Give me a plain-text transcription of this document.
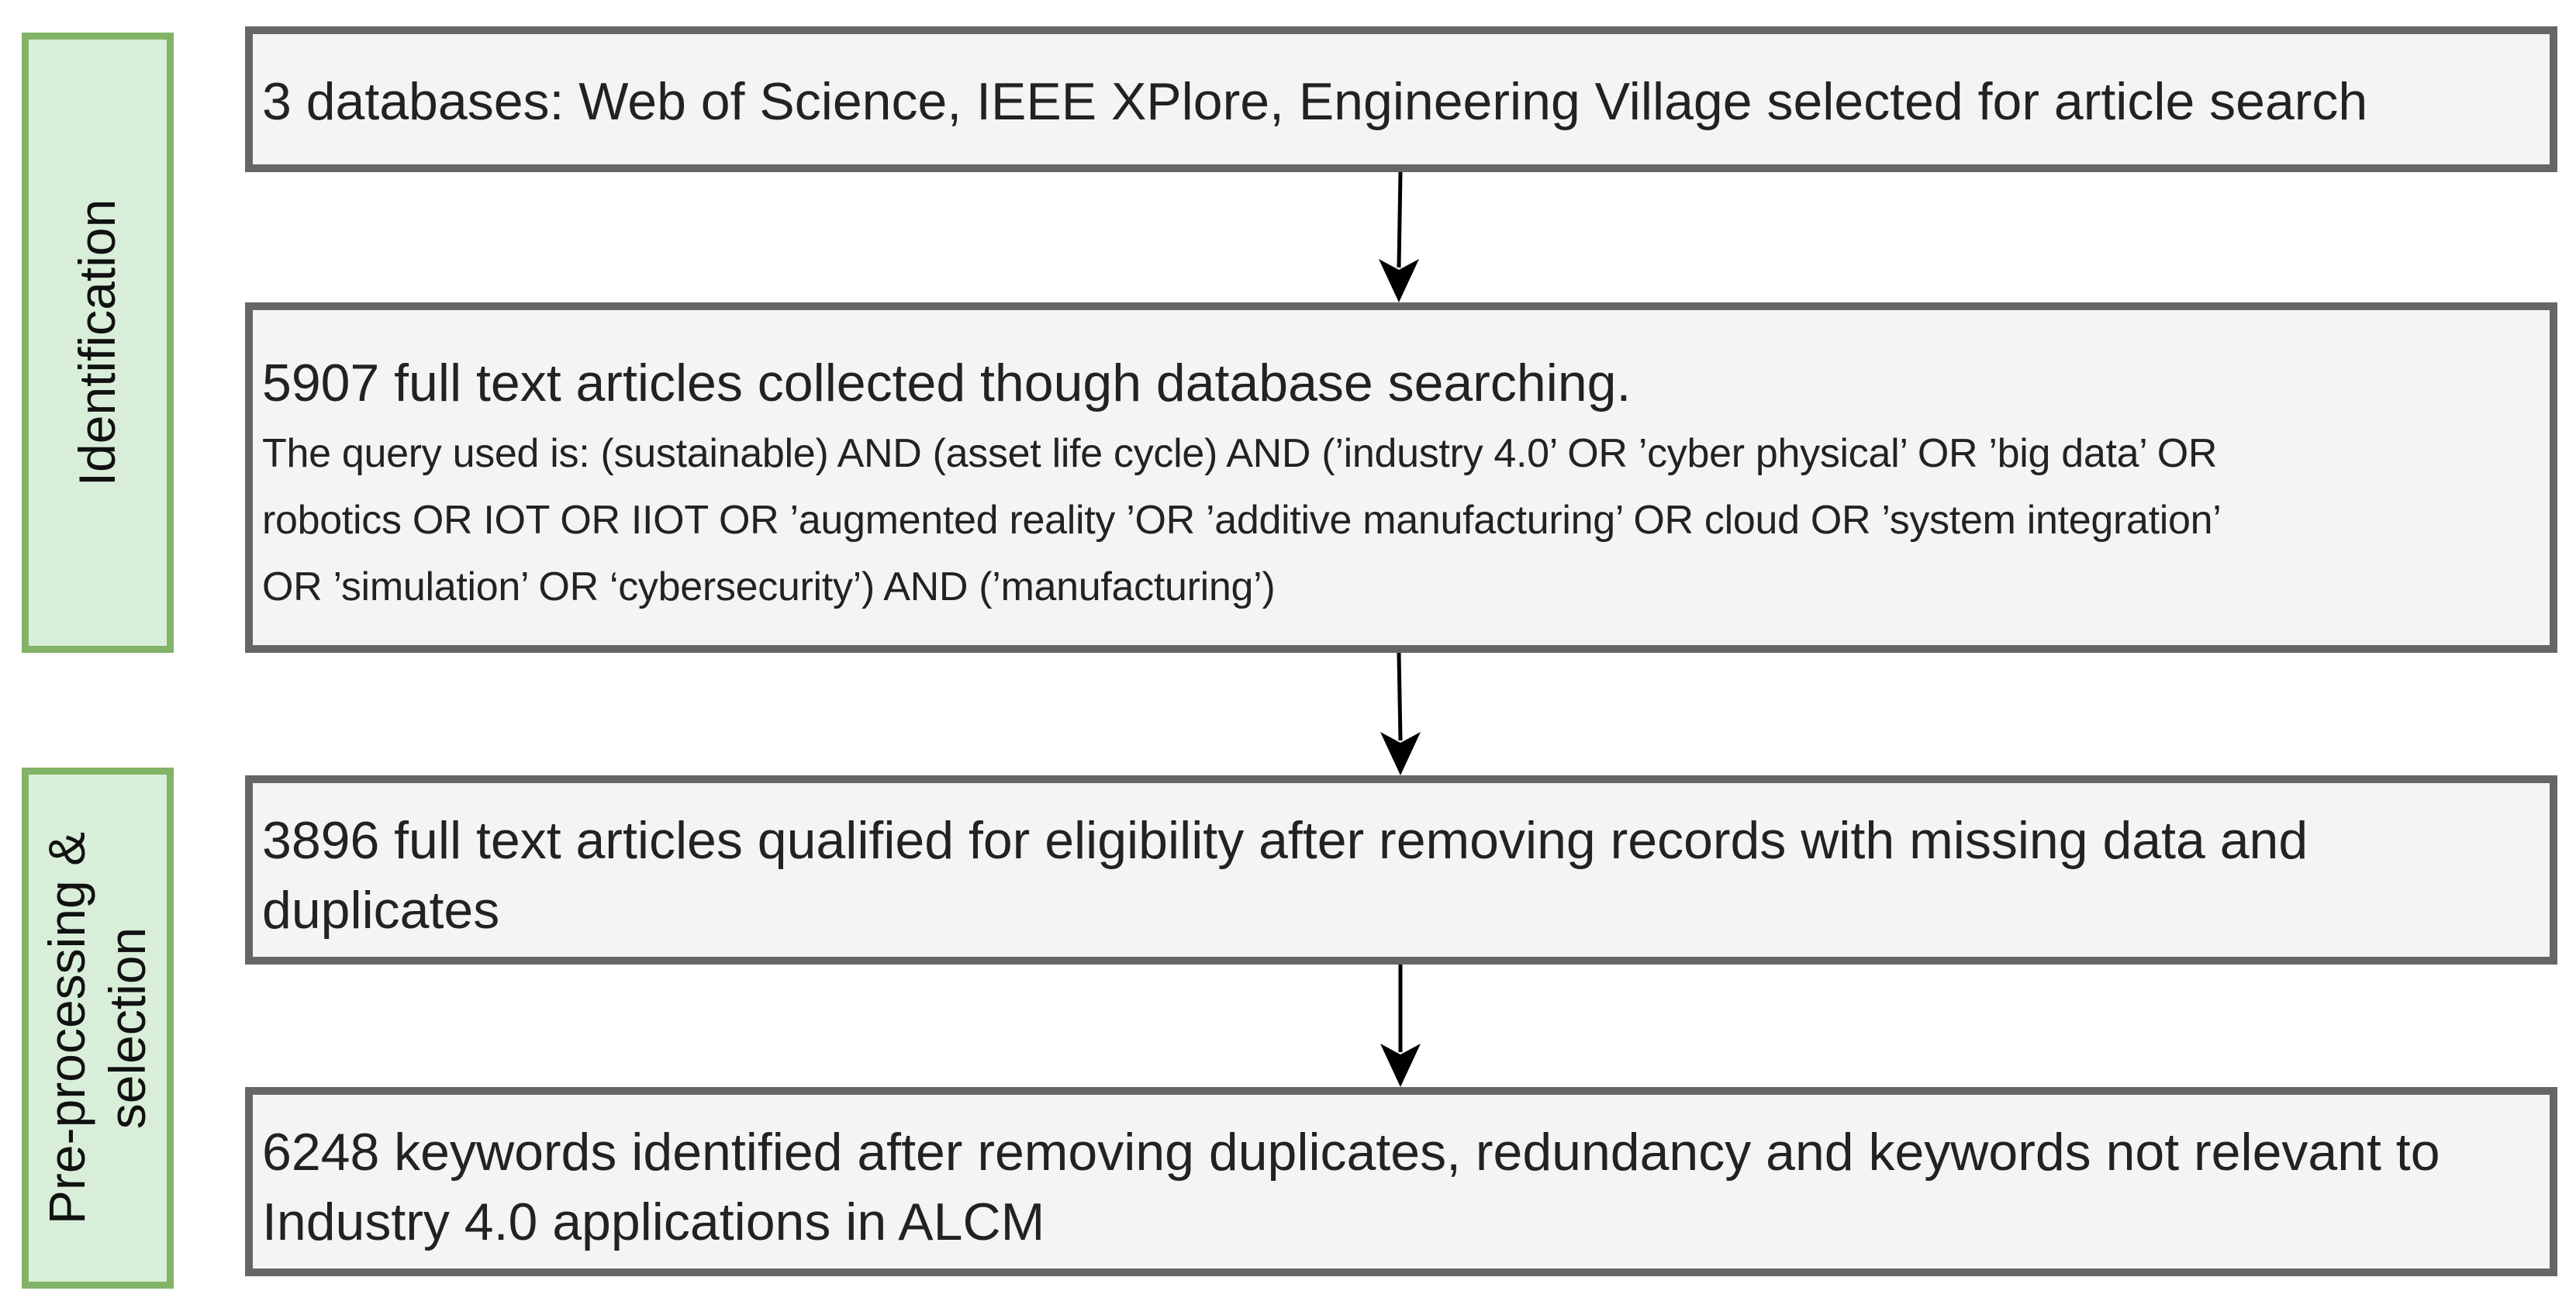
Identification
Pre-processing & selection
3 databases: Web of Science, IEEE XPlore, Engineering Village selected for article search
5907 full text articles collected though database searching.
The query used is: (sustainable) AND (asset life cycle) AND (’industry 4.0’ OR ’cyber physical’ OR ’big data’ OR
robotics OR IOT OR IIOT OR ’augmented reality ’OR ’additive manufacturing’ OR cloud OR ’system integration’
OR ’simulation’ OR ‘cybersecurity’) AND (’manufacturing’)
3896 full text articles qualified for eligibility after removing records with missing data and
duplicates
6248 keywords identified after removing duplicates, redundancy and keywords not relevant to
Industry 4.0 applications in ALCM
